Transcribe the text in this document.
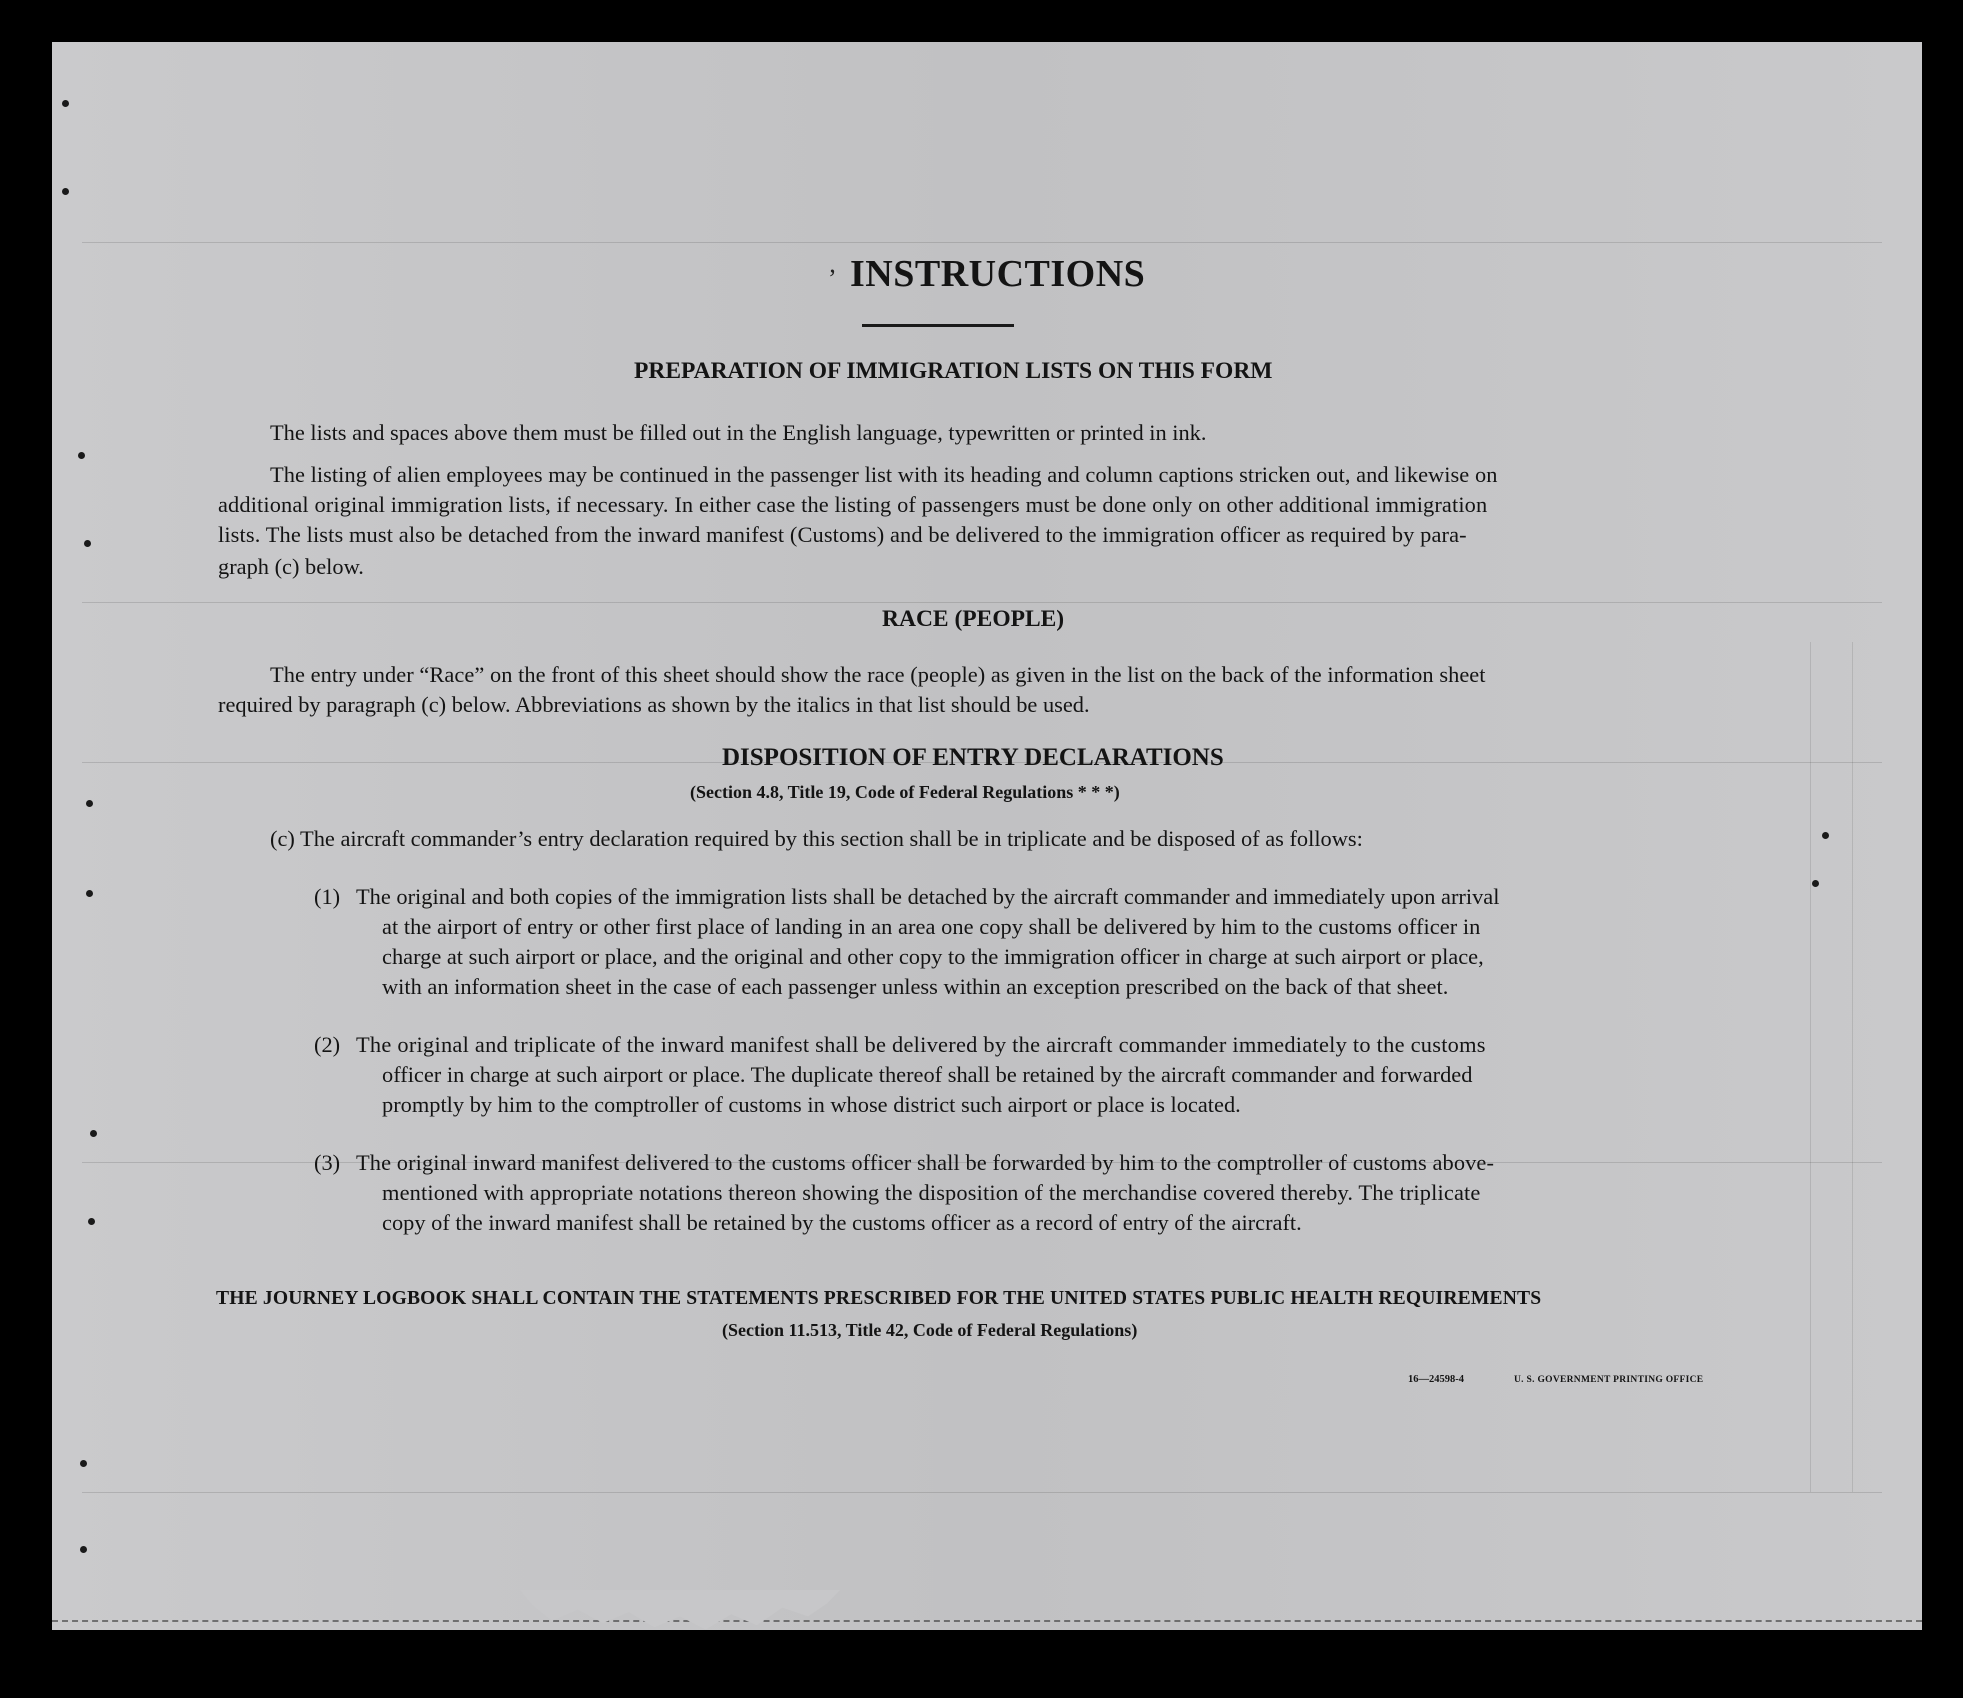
’ INSTRUCTIONS
PREPARATION OF IMMIGRATION LISTS ON THIS FORM
The lists and spaces above them must be filled out in the English language, typewritten or printed in ink.
The listing of alien employees may be continued in the passenger list with its heading and column captions stricken out, and likewise on
additional original immigration lists, if necessary. In either case the listing of passengers must be done only on other additional immigration
lists. The lists must also be detached from the inward manifest (Customs) and be delivered to the immigration officer as required by para-
graph (c) below.
RACE (PEOPLE)
The entry under “Race” on the front of this sheet should show the race (people) as given in the list on the back of the information sheet
required by paragraph (c) below. Abbreviations as shown by the italics in that list should be used.
DISPOSITION OF ENTRY DECLARATIONS
(Section 4.8, Title 19, Code of Federal Regulations * * *)
(c) The aircraft commander’s entry declaration required by this section shall be in triplicate and be disposed of as follows:
(1) The original and both copies of the immigration lists shall be detached by the aircraft commander and immediately upon arrival
at the airport of entry or other first place of landing in an area one copy shall be delivered by him to the customs officer in
charge at such airport or place, and the original and other copy to the immigration officer in charge at such airport or place,
with an information sheet in the case of each passenger unless within an exception prescribed on the back of that sheet.
(2) The original and triplicate of the inward manifest shall be delivered by the aircraft commander immediately to the customs
officer in charge at such airport or place. The duplicate thereof shall be retained by the aircraft commander and forwarded
promptly by him to the comptroller of customs in whose district such airport or place is located.
(3) The original inward manifest delivered to the customs officer shall be forwarded by him to the comptroller of customs above-
mentioned with appropriate notations thereon showing the disposition of the merchandise covered thereby. The triplicate
copy of the inward manifest shall be retained by the customs officer as a record of entry of the aircraft.
THE JOURNEY LOGBOOK SHALL CONTAIN THE STATEMENTS PRESCRIBED FOR THE UNITED STATES PUBLIC HEALTH REQUIREMENTS
(Section 11.513, Title 42, Code of Federal Regulations)
16—24598-4	U. S. GOVERNMENT PRINTING OFFICE
